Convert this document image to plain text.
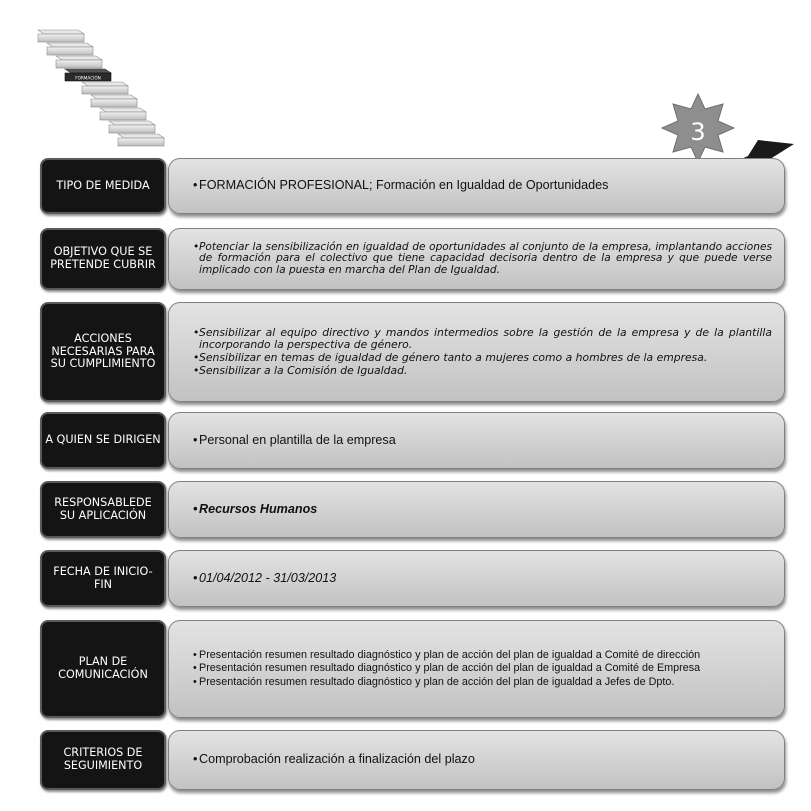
FORMACIÓN
3
TIPO DE MEDIDA	• FORMACIÓN PROFESIONAL; Formación en Igualdad de Oportunidades
OBJETIVO QUE SE PRETENDE CUBRIR
• Potenciar la sensibilización en igualdad de oportunidades al conjunto de la empresa, implantando acciones de formación para el colectivo que tiene capacidad decisoria dentro de la empresa y que puede verse implicado con la puesta en marcha del Plan de Igualdad.
ACCIONES NECESARIAS PARA SU CUMPLIMIENTO
• Sensibilizar al equipo directivo y mandos intermedios sobre la gestión de la empresa y de la plantilla incorporando la perspectiva de género.
• Sensibilizar en temas de igualdad de género tanto a mujeres como a hombres de la empresa.
• Sensibilizar a la Comisión de Igualdad.
A QUIEN SE DIRIGEN	• Personal en plantilla de la empresa
RESPONSABLEDE SU APLICACIÓN	• Recursos Humanos
FECHA DE INICIO-FIN	• 01/04/2012 - 31/03/2013
PLAN DE COMUNICACIÓN
• Presentación resumen resultado diagnóstico y plan de acción del plan de igualdad a Comité de dirección
• Presentación resumen resultado diagnóstico y plan de acción del plan de igualdad a Comité de Empresa
• Presentación resumen resultado diagnóstico y plan de acción del plan de igualdad a Jefes de Dpto.
CRITERIOS DE SEGUIMIENTO	• Comprobación realización a finalización del plazo
